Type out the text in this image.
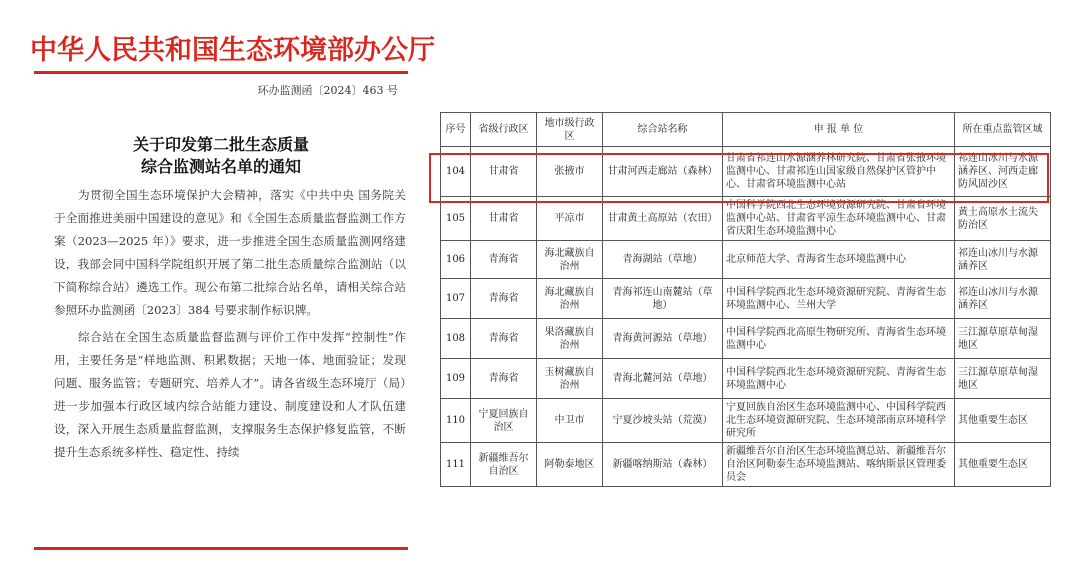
中华人民共和国生态环境部办公厅
环办监测函〔2024〕463 号
关于印发第二批生态质量
综合监测站名单的通知

为贯彻全国生态环境保护大会精神，落实《中共中央 国务院关于全面推进美丽中国建设的意见》和《全国生态质量监督监测工作方案（2023—2025 年）》要求，进一步推进全国生态质量监测网络建设，我部会同中国科学院组织开展了第二批生态质量综合监测站（以下简称综合站）遴选工作。现公布第二批综合站名单，请相关综合站参照环办监测函〔2023〕384 号要求制作标识牌。

综合站在全国生态质量监督监测与评价工作中发挥“控制性”作用，主要任务是“样地监测、积累数据；天地一体、地面验证；发现问题、服务监管；专题研究、培养人才”。请各省级生态环境厅（局）进一步加强本行政区域内综合站能力建设、制度建设和人才队伍建设，深入开展生态质量监督监测，支撑服务生态保护修复监管，不断提升生态系统多样性、稳定性、持续

序号	省级行政区	地市级行政区	综合站名称	申 报 单 位	所在重点监管区域
104	甘肃省	张掖市	甘肃河西走廊站（森林）	甘肃省祁连山水源涵养林研究院、甘肃省张掖环境监测中心、甘肃祁连山国家级自然保护区管护中心、甘肃省环境监测中心站	祁连山冰川与水源涵养区、河西走廊防风固沙区
105	甘肃省	平凉市	甘肃黄土高原站（农田）	中国科学院西北生态环境资源研究院、甘肃省环境监测中心站、甘肃省平凉生态环境监测中心、甘肃省庆阳生态环境监测中心	黄土高原水土流失防治区
106	青海省	海北藏族自治州	青海湖站（草地）	北京师范大学、青海省生态环境监测中心	祁连山冰川与水源涵养区
107	青海省	海北藏族自治州	青海祁连山南麓站（草地）	中国科学院西北生态环境资源研究院、青海省生态环境监测中心、兰州大学	祁连山冰川与水源涵养区
108	青海省	果洛藏族自治州	青海黄河源站（草地）	中国科学院西北高原生物研究所、青海省生态环境监测中心	三江源草原草甸湿地区
109	青海省	玉树藏族自治州	青海北麓河站（草地）	中国科学院西北生态环境资源研究院、青海省生态环境监测中心	三江源草原草甸湿地区
110	宁夏回族自治区	中卫市	宁夏沙坡头站（荒漠）	宁夏回族自治区生态环境监测中心、中国科学院西北生态环境资源研究院、生态环境部南京环境科学研究所	其他重要生态区
111	新疆维吾尔自治区	阿勒泰地区	新疆喀纳斯站（森林）	新疆维吾尔自治区生态环境监测总站、新疆维吾尔自治区阿勒泰生态环境监测站、喀纳斯景区管理委员会	其他重要生态区
